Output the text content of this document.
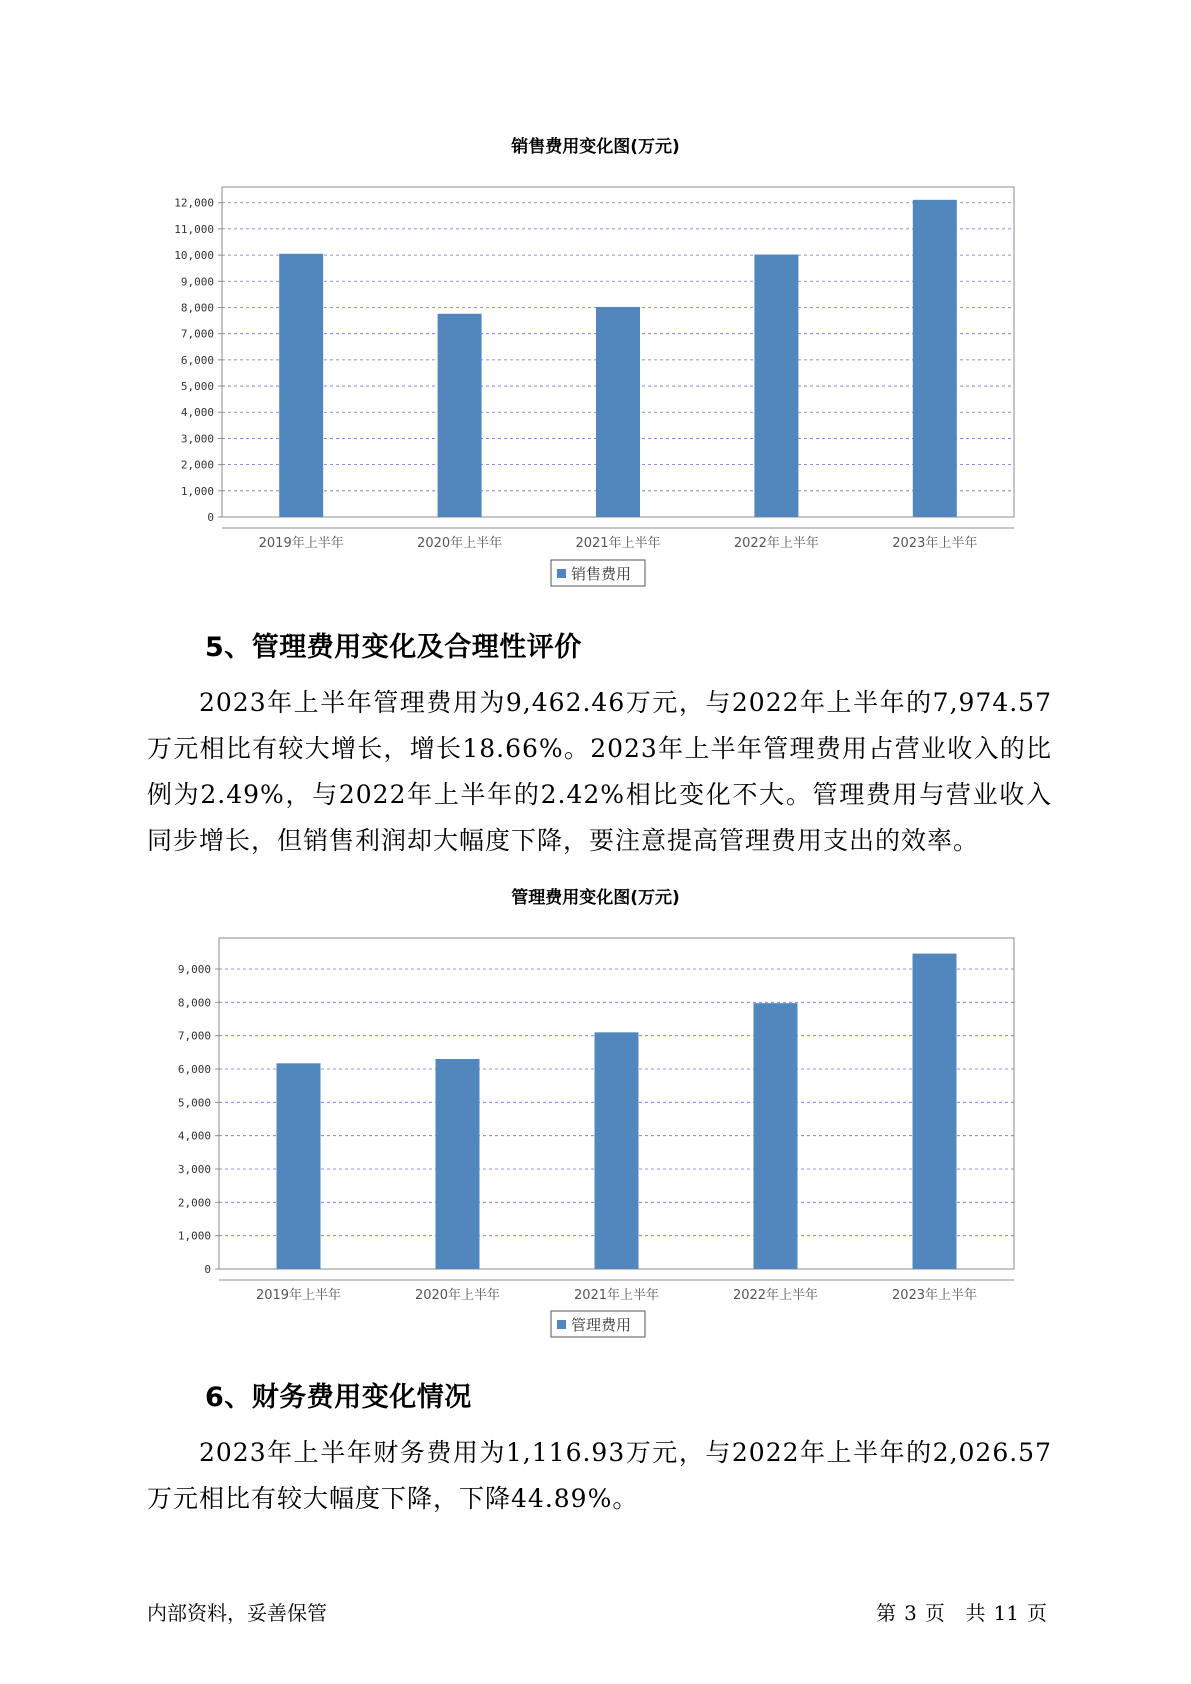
销售费用变化图(万元)
0
1,000
2,000
3,000
4,000
5,000
6,000
7,000
8,000
9,000
10,000
11,000
12,000
2019年上半年	2020年上半年	2021年上半年	2022年上半年	2023年上半年
销售费用
5、管理费用变化及合理性评价

2023年上半年管理费用为9,462.46万元，与2022年上半年的7,974.57万元相比有较大增长，增长18.66%。2023年上半年管理费用占营业收入的比例为2.49%，与2022年上半年的2.42%相比变化不大。管理费用与营业收入同步增长，但销售利润却大幅度下降，要注意提高管理费用支出的效率。

管理费用变化图(万元)
0
1,000
2,000
3,000
4,000
5,000
6,000
7,000
8,000
9,000
2019年上半年	2020年上半年	2021年上半年	2022年上半年	2023年上半年
管理费用
6、财务费用变化情况

2023年上半年财务费用为1,116.93万元，与2022年上半年的2,026.57万元相比有较大幅度下降，下降44.89%。

内部资料，妥善保管	第 3 页 共 11 页
